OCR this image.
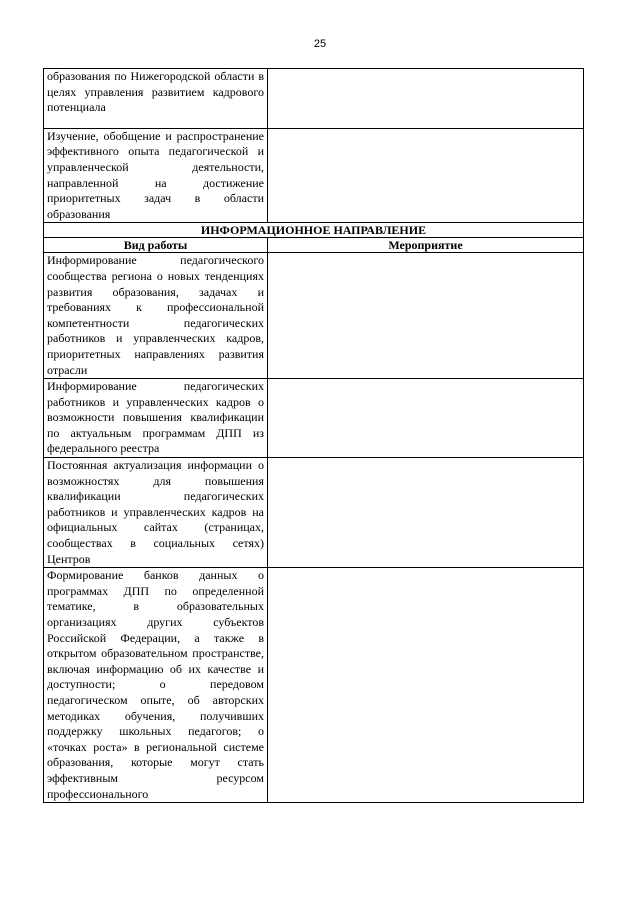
25
образования по Нижегородской области в целях управления развитием кадрового потенциала

Изучение, обобщение и распространение эффективного опыта педагогической и управленческой деятельности, направленной на достижение приоритетных задач в области образования	
ИНФОРМАЦИОННОЕ НАПРАВЛЕНИЕ	
Вид работы	Мероприятие
Информирование педагогического сообщества региона о новых тенденциях развития образования, задачах и требованиях к профессиональной компетентности педагогических работников и управленческих кадров, приоритетных направлениях развития отрасли	
Информирование педагогических работников и управленческих кадров о возможности повышения квалификации по актуальным программам ДПП из федерального реестра	
Постоянная актуализация информации о возможностях для повышения квалификации педагогических работников и управленческих кадров на официальных сайтах (страницах, сообществах в социальных сетях) Центров	
Формирование банков данных о программах ДПП по определенной тематике, в образовательных организациях других субъектов Российской Федерации, а также в открытом образовательном пространстве, включая информацию об их качестве и доступности; о передовом педагогическом опыте, об авторских методиках обучения, получивших поддержку школьных педагогов; о «точках роста» в региональной системе образования, которые могут стать эффективным ресурсом профессионального	
